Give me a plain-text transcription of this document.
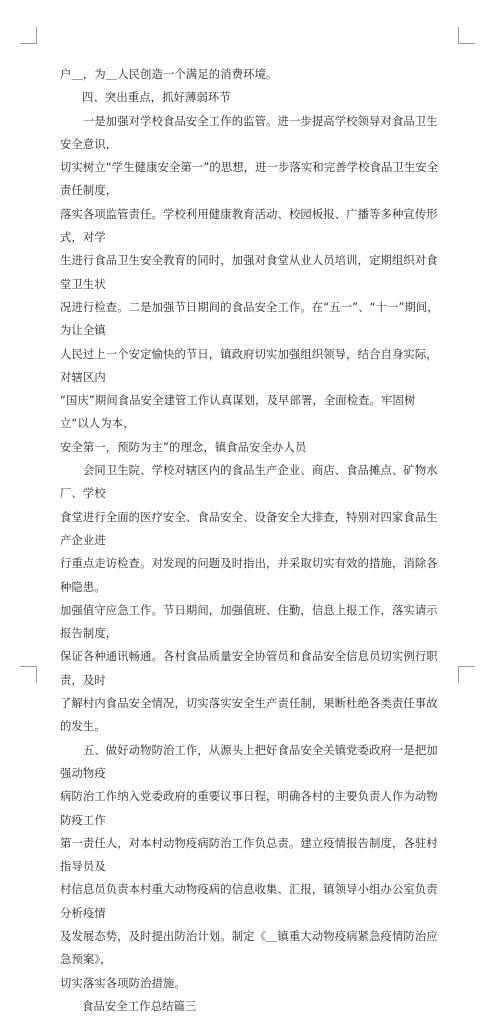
户＿，为＿人民创造一个满足的消费环境。

四、突出重点，抓好薄弱环节

　　一是加强对学校食品安全工作的监管。进一步提高学校领导对食品卫生安全意识，
切实树立“学生健康安全第一”的思想，进一步落实和完善学校食品卫生安全责任制度，
落实各项监管责任。学校利用健康教育活动、校园板报、广播等多种宣传形式，对学
生进行食品卫生安全教育的同时，加强对食堂从业人员培训，定期组织对食堂卫生状
况进行检查。二是加强节日期间的食品安全工作。在“五一”、“十一”期间，为让全镇
人民过上一个安定愉快的节日，镇政府切实加强组织领导，结合自身实际，对辖区内
“国庆”期间食品安全建管工作认真谋划，及早部署，全面检查。牢固树立“以人为本，
安全第一，预防为主”的理念，镇食品安全办人员

　　会同卫生院、学校对辖区内的食品生产企业、商店、食品摊点、矿物水厂、学校
食堂进行全面的医疗安全、食品安全、设备安全大排查，特别对四家食品生产企业进
行重点走访检查。对发现的问题及时指出，并采取切实有效的措施，消除各种隐患。
加强值守应急工作。节日期间，加强值班、住勤，信息上报工作，落实请示报告制度，
保证各种通讯畅通。各村食品质量安全协管员和食品安全信息员切实例行职责，及时
了解村内食品安全情况，切实落实安全生产责任制，果断杜绝各类责任事故的发生。

　　五、做好动物防治工作，从源头上把好食品安全关镇党委政府一是把加强动物疫
病防治工作纳入党委政府的重要议事日程，明确各村的主要负责人作为动物防疫工作
第一责任人，对本村动物疫病防治工作负总责。建立疫情报告制度，各驻村指导员及
村信息员负责本村重大动物疫病的信息收集、汇报，镇领导小组办公室负责分析疫情
及发展态势，及时提出防治计划。制定《＿镇重大动物疫病紧急疫情防治应急预案》，
切实落实各项防治措施。

食品安全工作总结篇三
